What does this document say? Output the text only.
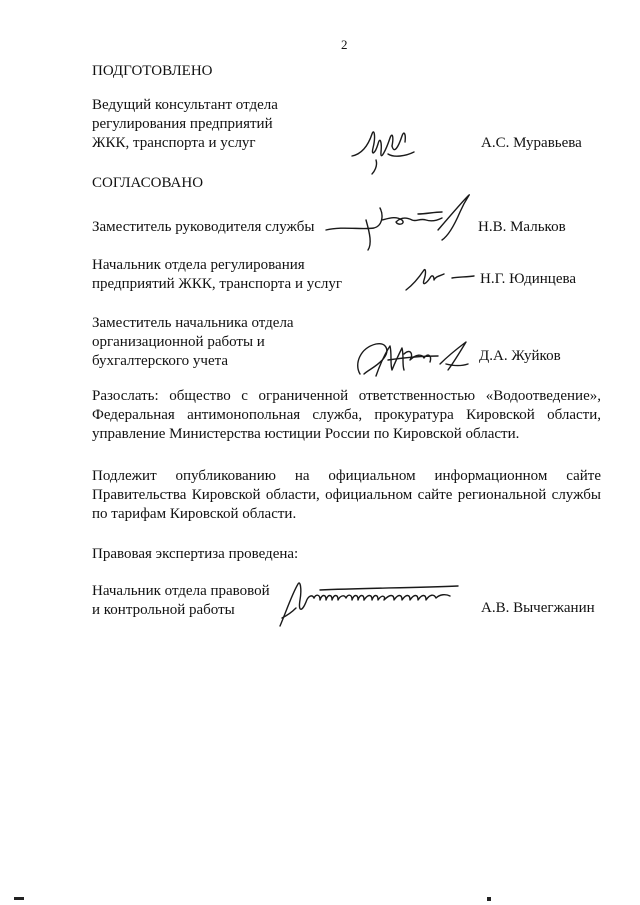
2
ПОДГОТОВЛЕНО
Ведущий консультант отдела
регулирования предприятий
ЖКК, транспорта и услуг	А.С. Муравьева
СОГЛАСОВАНО
Заместитель руководителя службы	Н.В. Мальков
Начальник отдела регулирования
предприятий ЖКК, транспорта и услуг	Н.Г. Юдинцева
Заместитель начальника отдела
организационной работы и
бухгалтерского учета	Д.А. Жуйков
Разослать: общество с ограниченной ответственностью «Водоотведение»,
Федеральная антимонопольная служба, прокуратура Кировской области,
управление Министерства юстиции России по Кировской области.
Подлежит опубликованию на официальном информационном сайте
Правительства Кировской области, официальном сайте региональной службы
по тарифам Кировской области.
Правовая экспертиза проведена:
Начальник отдела правовой
и контрольной работы	А.В. Вычегжанин
